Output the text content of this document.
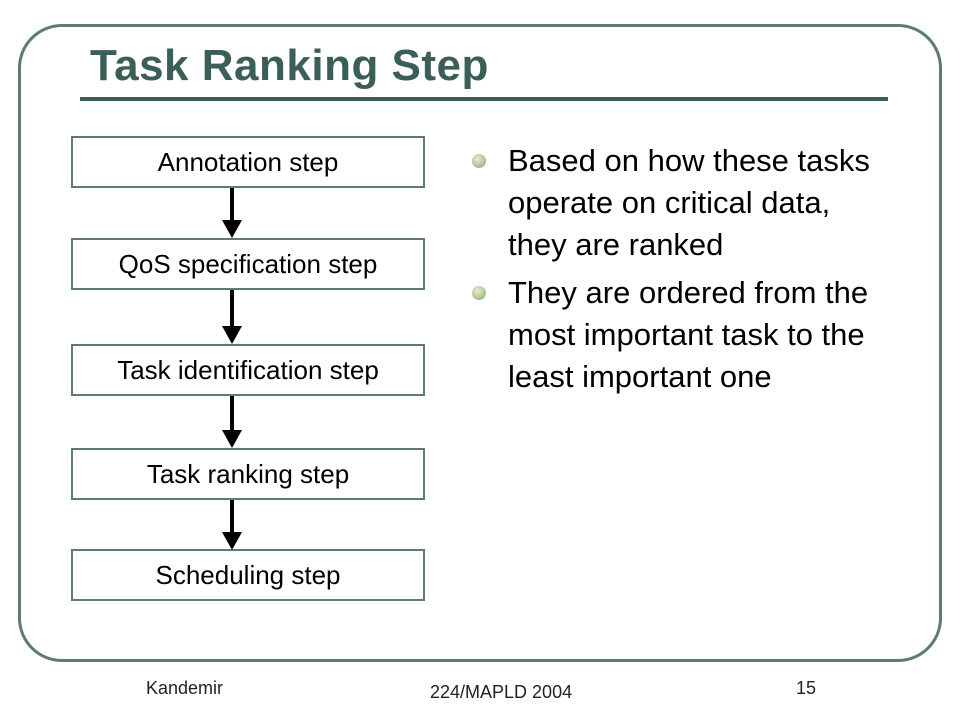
Task Ranking Step
Annotation step
QoS specification step
Task identification step
Task ranking step
Scheduling step
Based on how these tasks operate on critical data, they are ranked
They are ordered from the most important task to the least important one
Kandemir	224/MAPLD 2004	15
